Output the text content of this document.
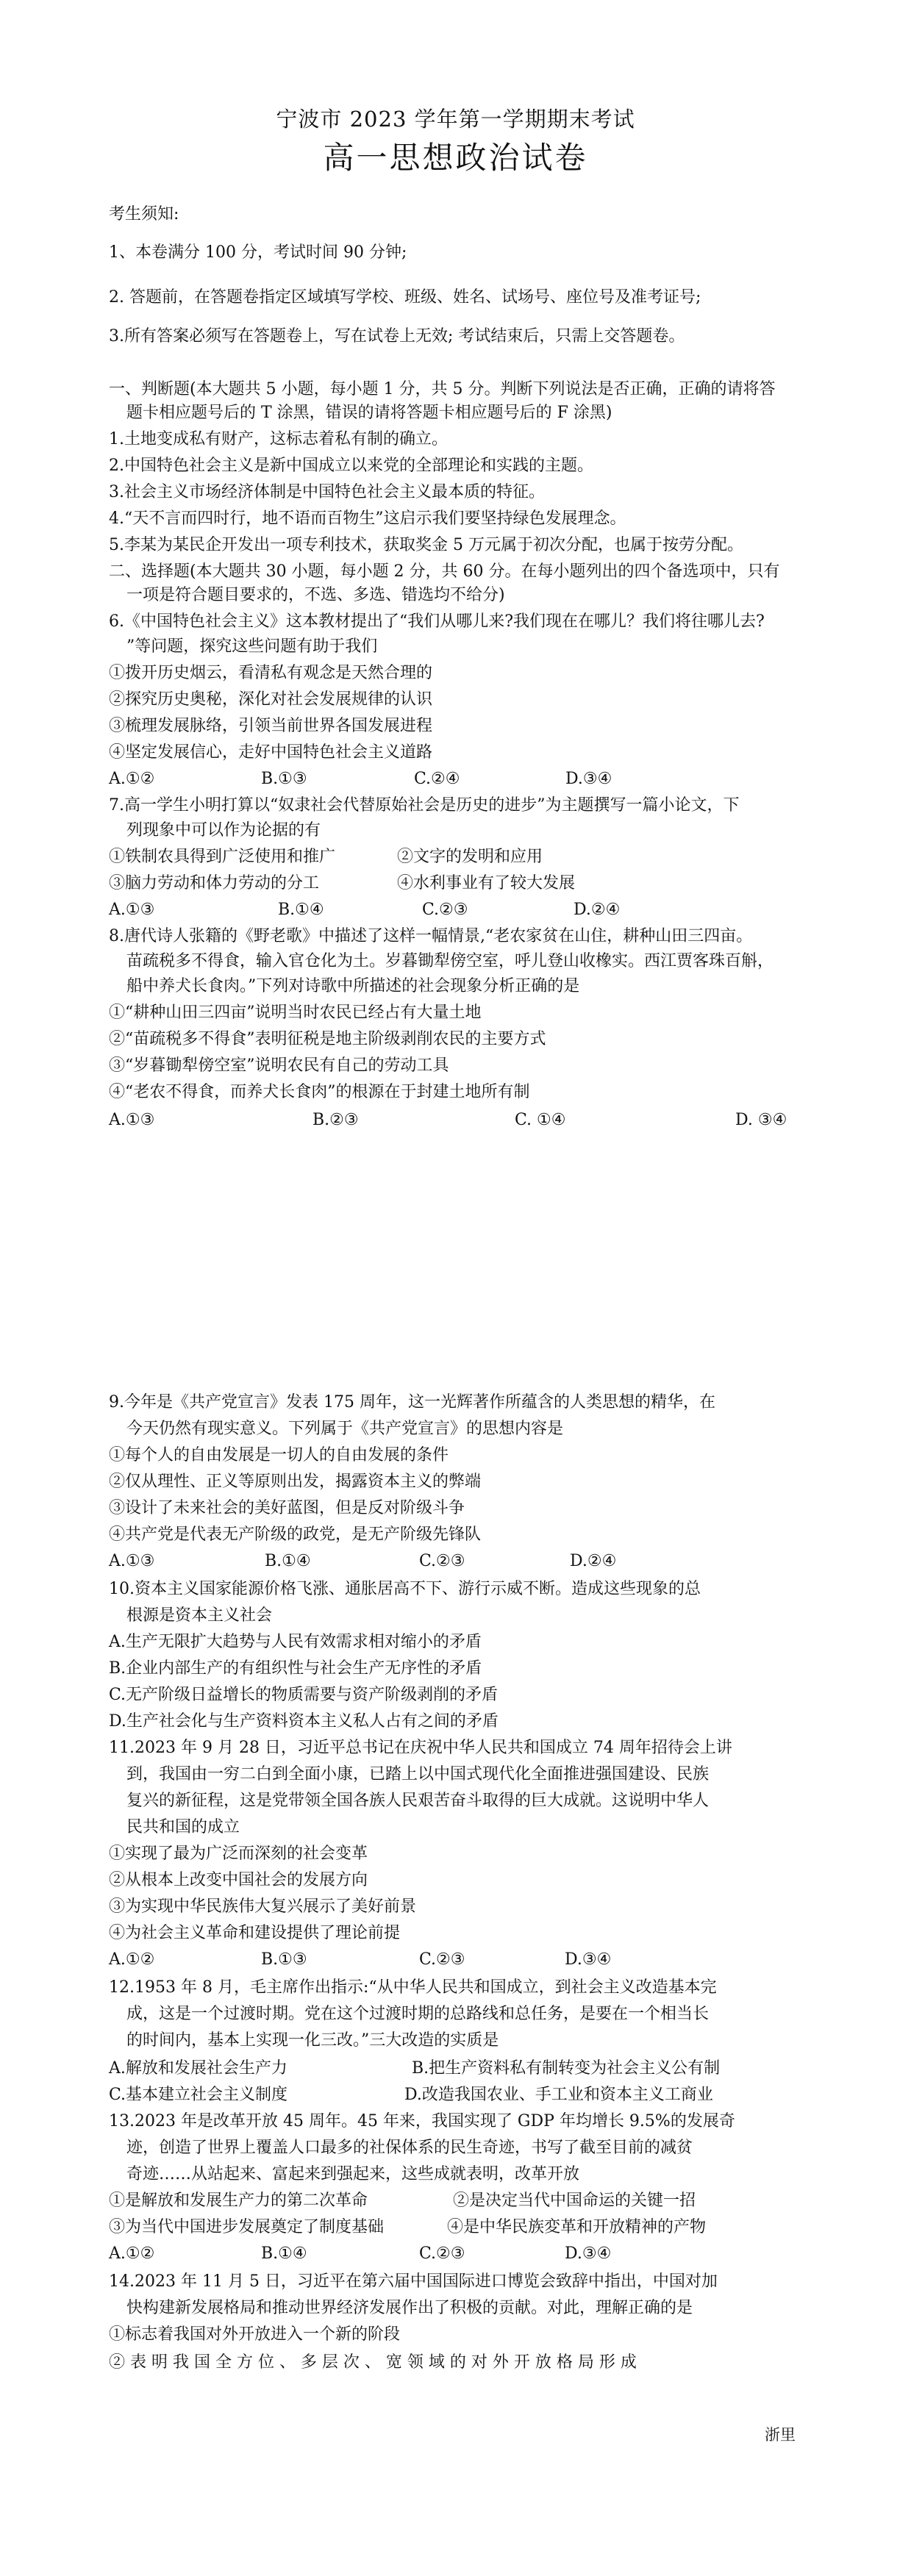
宁波市 2023 学年第一学期期末考试
高一思想政治试卷
考生须知:
1、本卷满分 100 分，考试时间 90 分钟;
2. 答题前，在答题卷指定区域填写学校、班级、姓名、试场号、座位号及准考证号;
3.所有答案必须写在答题卷上，写在试卷上无效; 考试结束后，只需上交答题卷。
一、判断题(本大题共 5 小题，每小题 1 分，共 5 分。判断下列说法是否正确，正确的请将答
题卡相应题号后的 T 涂黑，错误的请将答题卡相应题号后的 F 涂黑)
1.土地变成私有财产，这标志着私有制的确立。
2.中国特色社会主义是新中国成立以来党的全部理论和实践的主题。
3.社会主义市场经济体制是中国特色社会主义最本质的特征。
4.“天不言而四时行，地不语而百物生”这启示我们要坚持绿色发展理念。
5.李某为某民企开发出一项专利技术，获取奖金 5 万元属于初次分配，也属于按劳分配。
二、选择题(本大题共 30 小题，每小题 2 分，共 60 分。在每小题列出的四个备选项中，只有
一项是符合题目要求的，不选、多选、错选均不给分)
6.《中国特色社会主义》这本教材提出了“我们从哪儿来?我们现在在哪儿？我们将往哪儿去?
”等问题，探究这些问题有助于我们
①拨开历史烟云，看清私有观念是天然合理的
②探究历史奥秘，深化对社会发展规律的认识
③梳理发展脉络，引领当前世界各国发展进程
④坚定发展信心，走好中国特色社会主义道路
A.①②	B.①③	C.②④	D.③④
7.高一学生小明打算以“奴隶社会代替原始社会是历史的进步”为主题撰写一篇小论文，下
列现象中可以作为论据的有
①铁制农具得到广泛使用和推广	②文字的发明和应用
③脑力劳动和体力劳动的分工	④水利事业有了较大发展
A.①③	B.①④	C.②③	D.②④
8.唐代诗人张籍的《野老歌》中描述了这样一幅情景,“老农家贫在山住，耕种山田三四亩。
苗疏税多不得食，输入官仓化为土。岁暮锄犁傍空室，呼儿登山收橡实。西江贾客珠百斛，
船中养犬长食肉。”下列对诗歌中所描述的社会现象分析正确的是
①“耕种山田三四亩”说明当时农民已经占有大量土地
②“苗疏税多不得食”表明征税是地主阶级剥削农民的主要方式
③“岁暮锄犁傍空室”说明农民有自己的劳动工具
④“老农不得食，而养犬长食肉”的根源在于封建土地所有制
A.①③	B.②③	C. ①④	D. ③④
9.今年是《共产党宣言》发表 175 周年，这一光辉著作所蕴含的人类思想的精华，在
今天仍然有现实意义。下列属于《共产党宣言》的思想内容是
①每个人的自由发展是一切人的自由发展的条件
②仅从理性、正义等原则出发，揭露资本主义的弊端
③设计了未来社会的美好蓝图，但是反对阶级斗争
④共产党是代表无产阶级的政党，是无产阶级先锋队
A.①③	B.①④	C.②③	D.②④
10.资本主义国家能源价格飞涨、通胀居高不下、游行示威不断。造成这些现象的总
根源是资本主义社会
A.生产无限扩大趋势与人民有效需求相对缩小的矛盾
B.企业内部生产的有组织性与社会生产无序性的矛盾
C.无产阶级日益增长的物质需要与资产阶级剥削的矛盾
D.生产社会化与生产资料资本主义私人占有之间的矛盾
11.2023 年 9 月 28 日，习近平总书记在庆祝中华人民共和国成立 74 周年招待会上讲
到，我国由一穷二白到全面小康，已踏上以中国式现代化全面推进强国建设、民族
复兴的新征程，这是党带领全国各族人民艰苦奋斗取得的巨大成就。这说明中华人
民共和国的成立
①实现了最为广泛而深刻的社会变革
②从根本上改变中国社会的发展方向
③为实现中华民族伟大复兴展示了美好前景
④为社会主义革命和建设提供了理论前提
A.①②	B.①③	C.②③	D.③④
12.1953 年 8 月，毛主席作出指示:“从中华人民共和国成立，到社会主义改造基本完
成，这是一个过渡时期。党在这个过渡时期的总路线和总任务，是要在一个相当长
的时间内，基本上实现一化三改。”三大改造的实质是
A.解放和发展社会生产力	B.把生产资料私有制转变为社会主义公有制
C.基本建立社会主义制度	D.改造我国农业、手工业和资本主义工商业
13.2023 年是改革开放 45 周年。45 年来，我国实现了 GDP 年均增长 9.5%的发展奇
迹，创造了世界上覆盖人口最多的社保体系的民生奇迹，书写了截至目前的减贫
奇迹……从站起来、富起来到强起来，这些成就表明，改革开放
①是解放和发展生产力的第二次革命	②是决定当代中国命运的关键一招
③为当代中国进步发展奠定了制度基础	④是中华民族変革和开放精神的产物
A.①②	B.①④	C.②③	D.③④
14.2023 年 11 月 5 日，习近平在第六届中国国际进口博览会致辞中指出，中国对加
快构建新发展格局和推动世界经济发展作出了积极的贡献。对此，理解正确的是
①标志着我国对外开放进入一个新的阶段
② 表 明 我 国 全 方 位 、 多 层 次 、 宽 领 域 的 对 外 开 放 格 局 形 成
浙里
